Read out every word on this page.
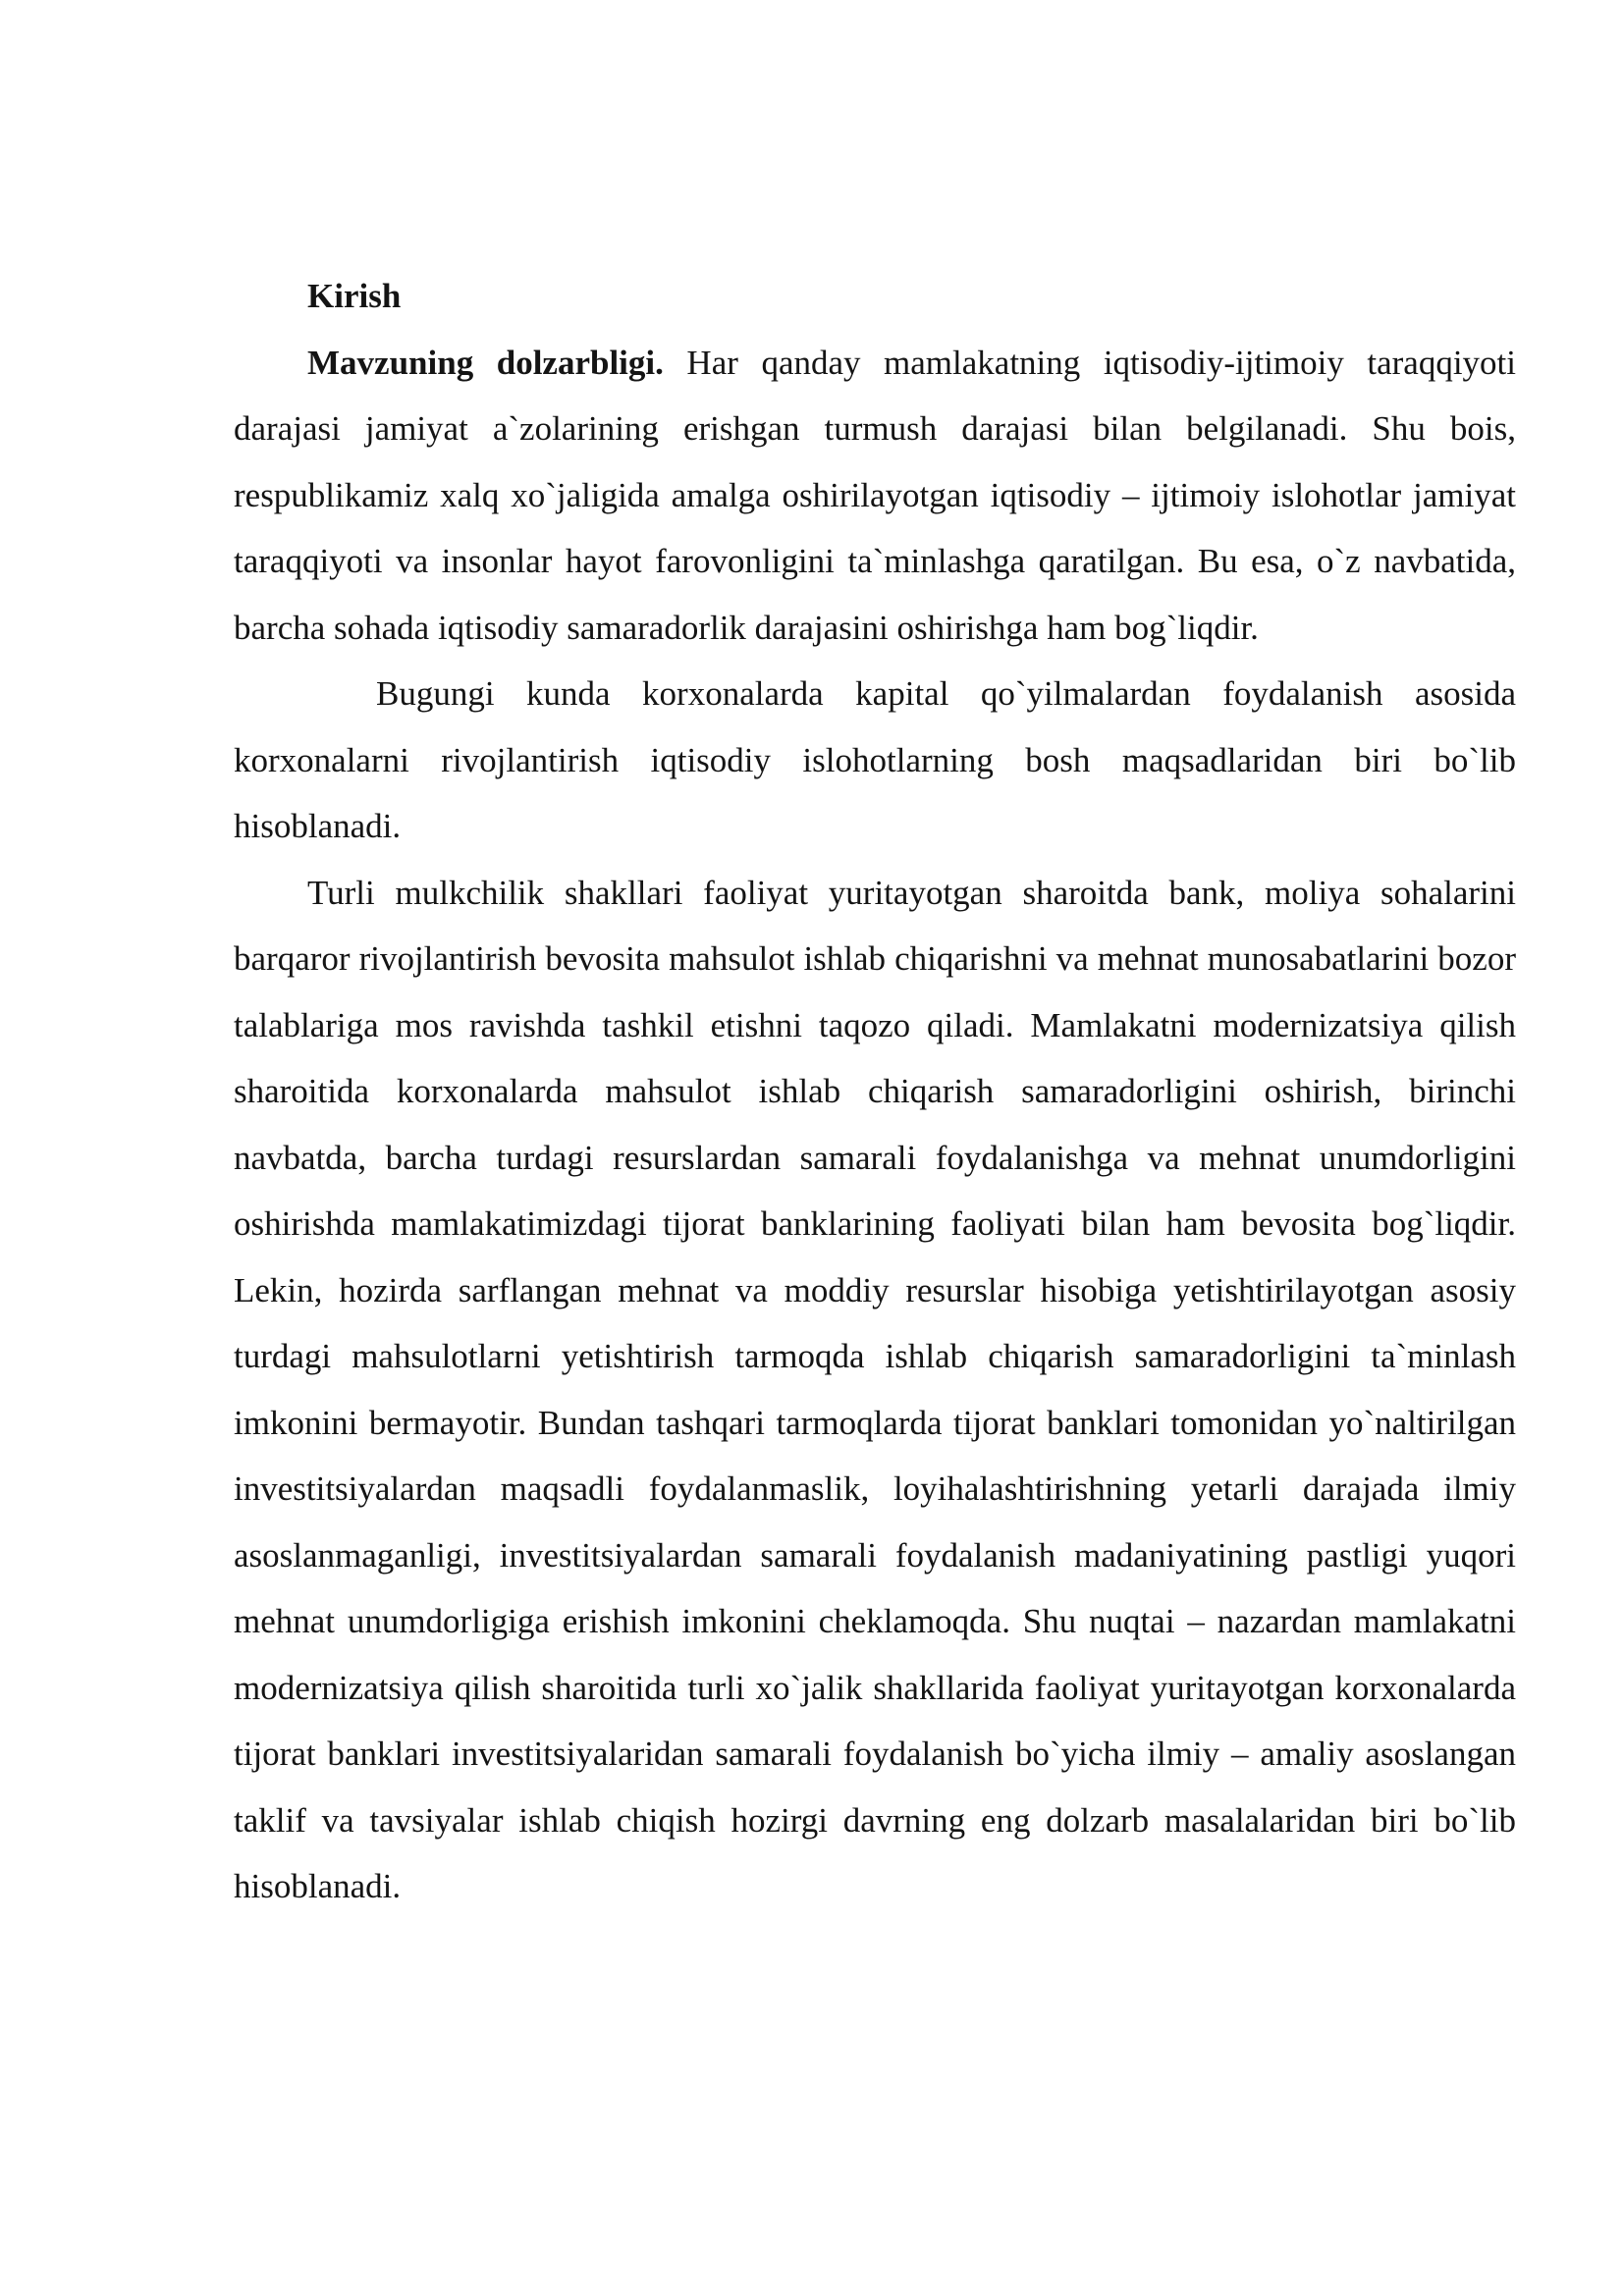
Kirish

Mavzuning dolzarbligi. Har qanday mamlakatning iqtisodiy-ijtimoiy taraqqiyoti darajasi jamiyat a`zolarining erishgan turmush darajasi bilan belgilanadi. Shu bois, respublikamiz xalq xo`jaligida amalga oshirilayotgan iqtisodiy – ijtimoiy islohotlar jamiyat taraqqiyoti va insonlar hayot farovonligini ta`minlashga qaratilgan. Bu esa, o`z navbatida, barcha sohada iqtisodiy samaradorlik darajasini oshirishga ham bog`liqdir.

Bugungi kunda korxonalarda kapital qo`yilmalardan foydalanish asosida korxonalarni rivojlantirish iqtisodiy islohotlarning bosh maqsadlaridan biri bo`lib hisoblanadi.

Turli mulkchilik shakllari faoliyat yuritayotgan sharoitda bank, moliya sohalarini barqaror rivojlantirish bevosita mahsulot ishlab chiqarishni va mehnat munosabatlarini bozor talablariga mos ravishda tashkil etishni taqozo qiladi. Mamlakatni modernizatsiya qilish sharoitida korxonalarda mahsulot ishlab chiqarish samaradorligini oshirish, birinchi navbatda, barcha turdagi resurslardan samarali foydalanishga va mehnat unumdorligini oshirishda mamlakatimizdagi tijorat banklarining faoliyati bilan ham bevosita bog`liqdir. Lekin, hozirda sarflangan mehnat va moddiy resurslar hisobiga yetishtirilayotgan asosiy turdagi mahsulotlarni yetishtirish tarmoqda ishlab chiqarish samaradorligini ta`minlash imkonini bermayotir. Bundan tashqari tarmoqlarda tijorat banklari tomonidan yo`naltirilgan investitsiyalardan maqsadli foydalanmaslik, loyihalashtirishning yetarli darajada ilmiy asoslanmaganligi, investitsiyalardan samarali foydalanish madaniyatining pastligi yuqori mehnat unumdorligiga erishish imkonini cheklamoqda. Shu nuqtai – nazardan mamlakatni modernizatsiya qilish sharoitida turli xo`jalik shakllarida faoliyat yuritayotgan korxonalarda tijorat banklari investitsiyalaridan samarali foydalanish bo`yicha ilmiy – amaliy asoslangan taklif va tavsiyalar ishlab chiqish hozirgi davrning eng dolzarb masalalaridan biri bo`lib hisoblanadi.
